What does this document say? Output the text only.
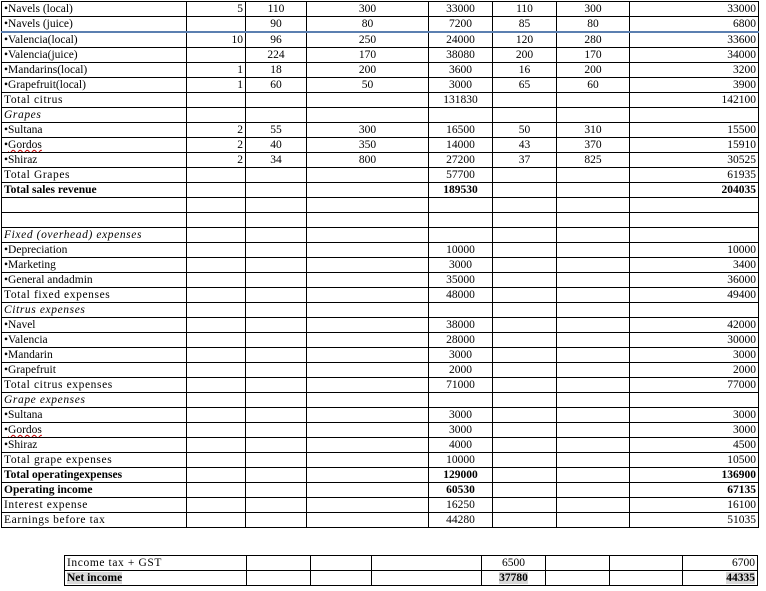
• Navels (local)	5	110	300	33000	110	300	33000
• Navels (juice)		90	80	7200	85	80	6800
• Valencia(local)	10	96	250	24000	120	280	33600
• Valencia(juice)		224	170	38080	200	170	34000
• Mandarins(local)	1	18	200	3600	16	200	3200
• Grapefruit(local)	1	60	50	3000	65	60	3900
Total citrus				131830			142100
Grapes							
• Sultana	2	55	300	16500	50	310	15500
• Gordos	2	40	350	14000	43	370	15910
• Shiraz	2	34	800	27200	37	825	30525
Total Grapes				57700			61935
Total sales revenue				189530			204035

Fixed (overhead) expenses							
• Depreciation				10000			10000
• Marketing				3000			3400
• General andadmin				35000			36000
Total fixed expenses				48000			49400
Citrus expenses							
• Navel				38000			42000
• Valencia				28000			30000
• Mandarin				3000			3000
• Grapefruit				2000			2000
Total citrus expenses				71000			77000
Grape expenses							
• Sultana				3000			3000
• Gordos				3000			3000
• Shiraz				4000			4500
Total grape expenses				10000			10500
Total operatingexpenses				129000			136900
Operating income				60530			67135
Interest expense				16250			16100
Earnings before tax				44280			51035
Income tax + GST				6500			6700
Net income				37780			44335
